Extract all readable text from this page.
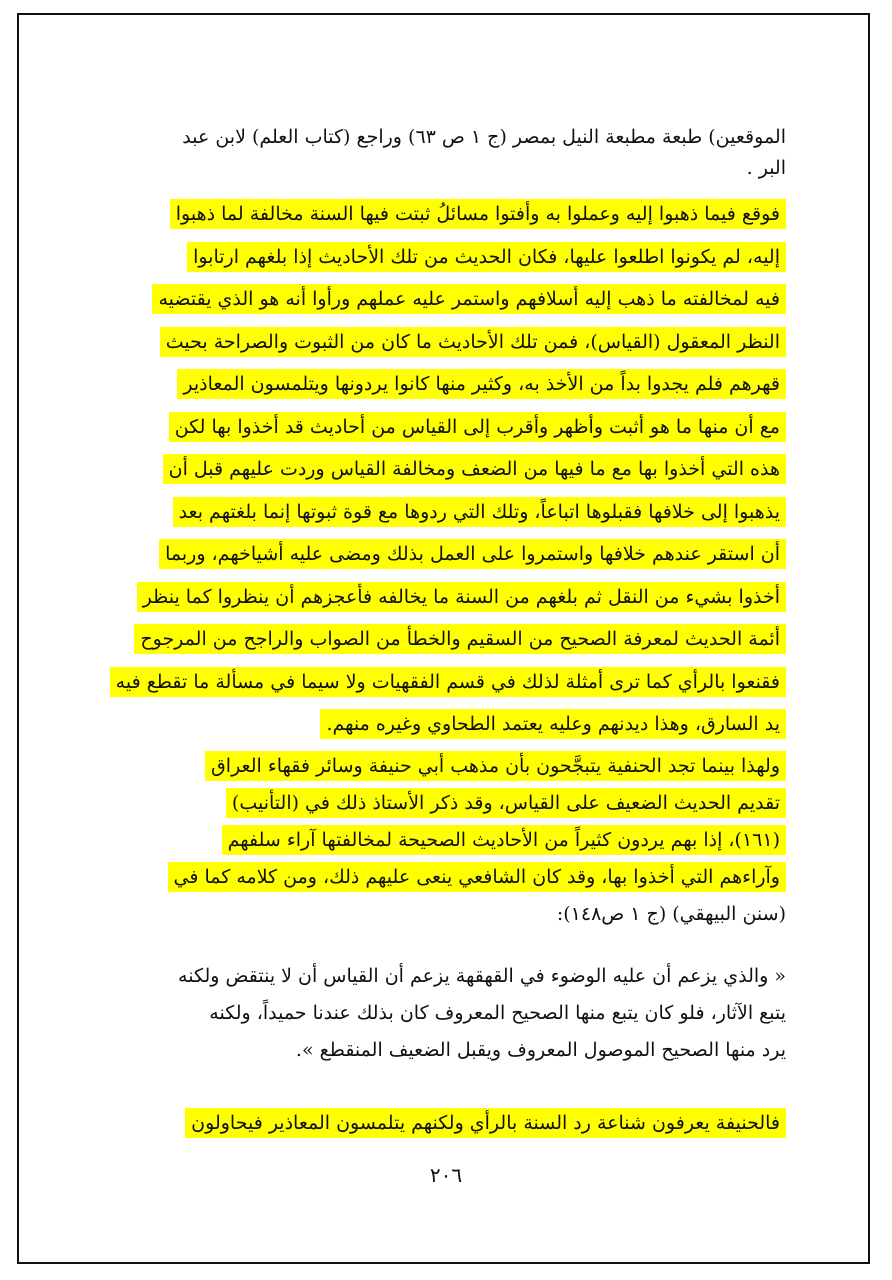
الموقعين) طبعة مطبعة النيل بمصر (ج ١ ص ٦٣) وراجع (كتاب العلم) لابن عبد
البر .
فوقع فيما ذهبوا إليه وعملوا به وأفتوا مسائلُ ثبتت فيها السنة مخالفة لما ذهبوا
إليه، لم يكونوا اطلعوا عليها، فكان الحديث من تلك الأحاديث إذا بلغهم ارتابوا
فيه لمخالفته ما ذهب إليه أسلافهم واستمر عليه عملهم ورأوا أنه هو الذي يقتضيه
النظر المعقول (القياس)، فمن تلك الأحاديث ما كان من الثبوت والصراحة بحيث
قهرهم فلم يجدوا بداً من الأخذ به، وكثير منها كانوا يردونها ويتلمسون المعاذير
مع أن منها ما هو أثبت وأظهر وأقرب إلى القياس من أحاديث قد أخذوا بها لكن
هذه التي أخذوا بها مع ما فيها من الضعف ومخالفة القياس وردت عليهم قبل أن
يذهبوا إلى خلافها فقبلوها اتباعاً، وتلك التي ردوها مع قوة ثبوتها إنما بلغتهم بعد
أن استقر عندهم خلافها واستمروا على العمل بذلك ومضى عليه أشياخهم، وربما
أخذوا بشيء من النقل ثم بلغهم من السنة ما يخالفه فأعجزهم أن ينظروا كما ينظر
أئمة الحديث لمعرفة الصحيح من السقيم والخطأ من الصواب والراجح من المرجوح
فقنعوا بالرأي كما ترى أمثلة لذلك في قسم الفقهيات ولا سيما في مسألة ما تقطع فيه
يد السارق، وهذا ديدنهم وعليه يعتمد الطحاوي وغيره منهم.
ولهذا بينما تجد الحنفية يتبجَّحون بأن مذهب أبي حنيفة وسائر فقهاء العراق
تقديم الحديث الضعيف على القياس، وقد ذكر الأستاذ ذلك في (التأنيب)
(١٦١)، إذا بهم يردون كثيراً من الأحاديث الصحيحة لمخالفتها آراء سلفهم
وآراءهم التي أخذوا بها، وقد كان الشافعي ينعى عليهم ذلك، ومن كلامه كما في
(سنن البيهقي) (ج ١ ص١٤٨):
« والذي يزعم أن عليه الوضوء في القهقهة يزعم أن القياس أن لا ينتقض ولكنه
يتبع الآثار، فلو كان يتبع منها الصحيح المعروف كان بذلك عندنا حميداً، ولكنه
يرد منها الصحيح الموصول المعروف ويقبل الضعيف المنقطع ».
فالحنيفة يعرفون شناعة رد السنة بالرأي ولكنهم يتلمسون المعاذير فيحاولون
٢٠٦
